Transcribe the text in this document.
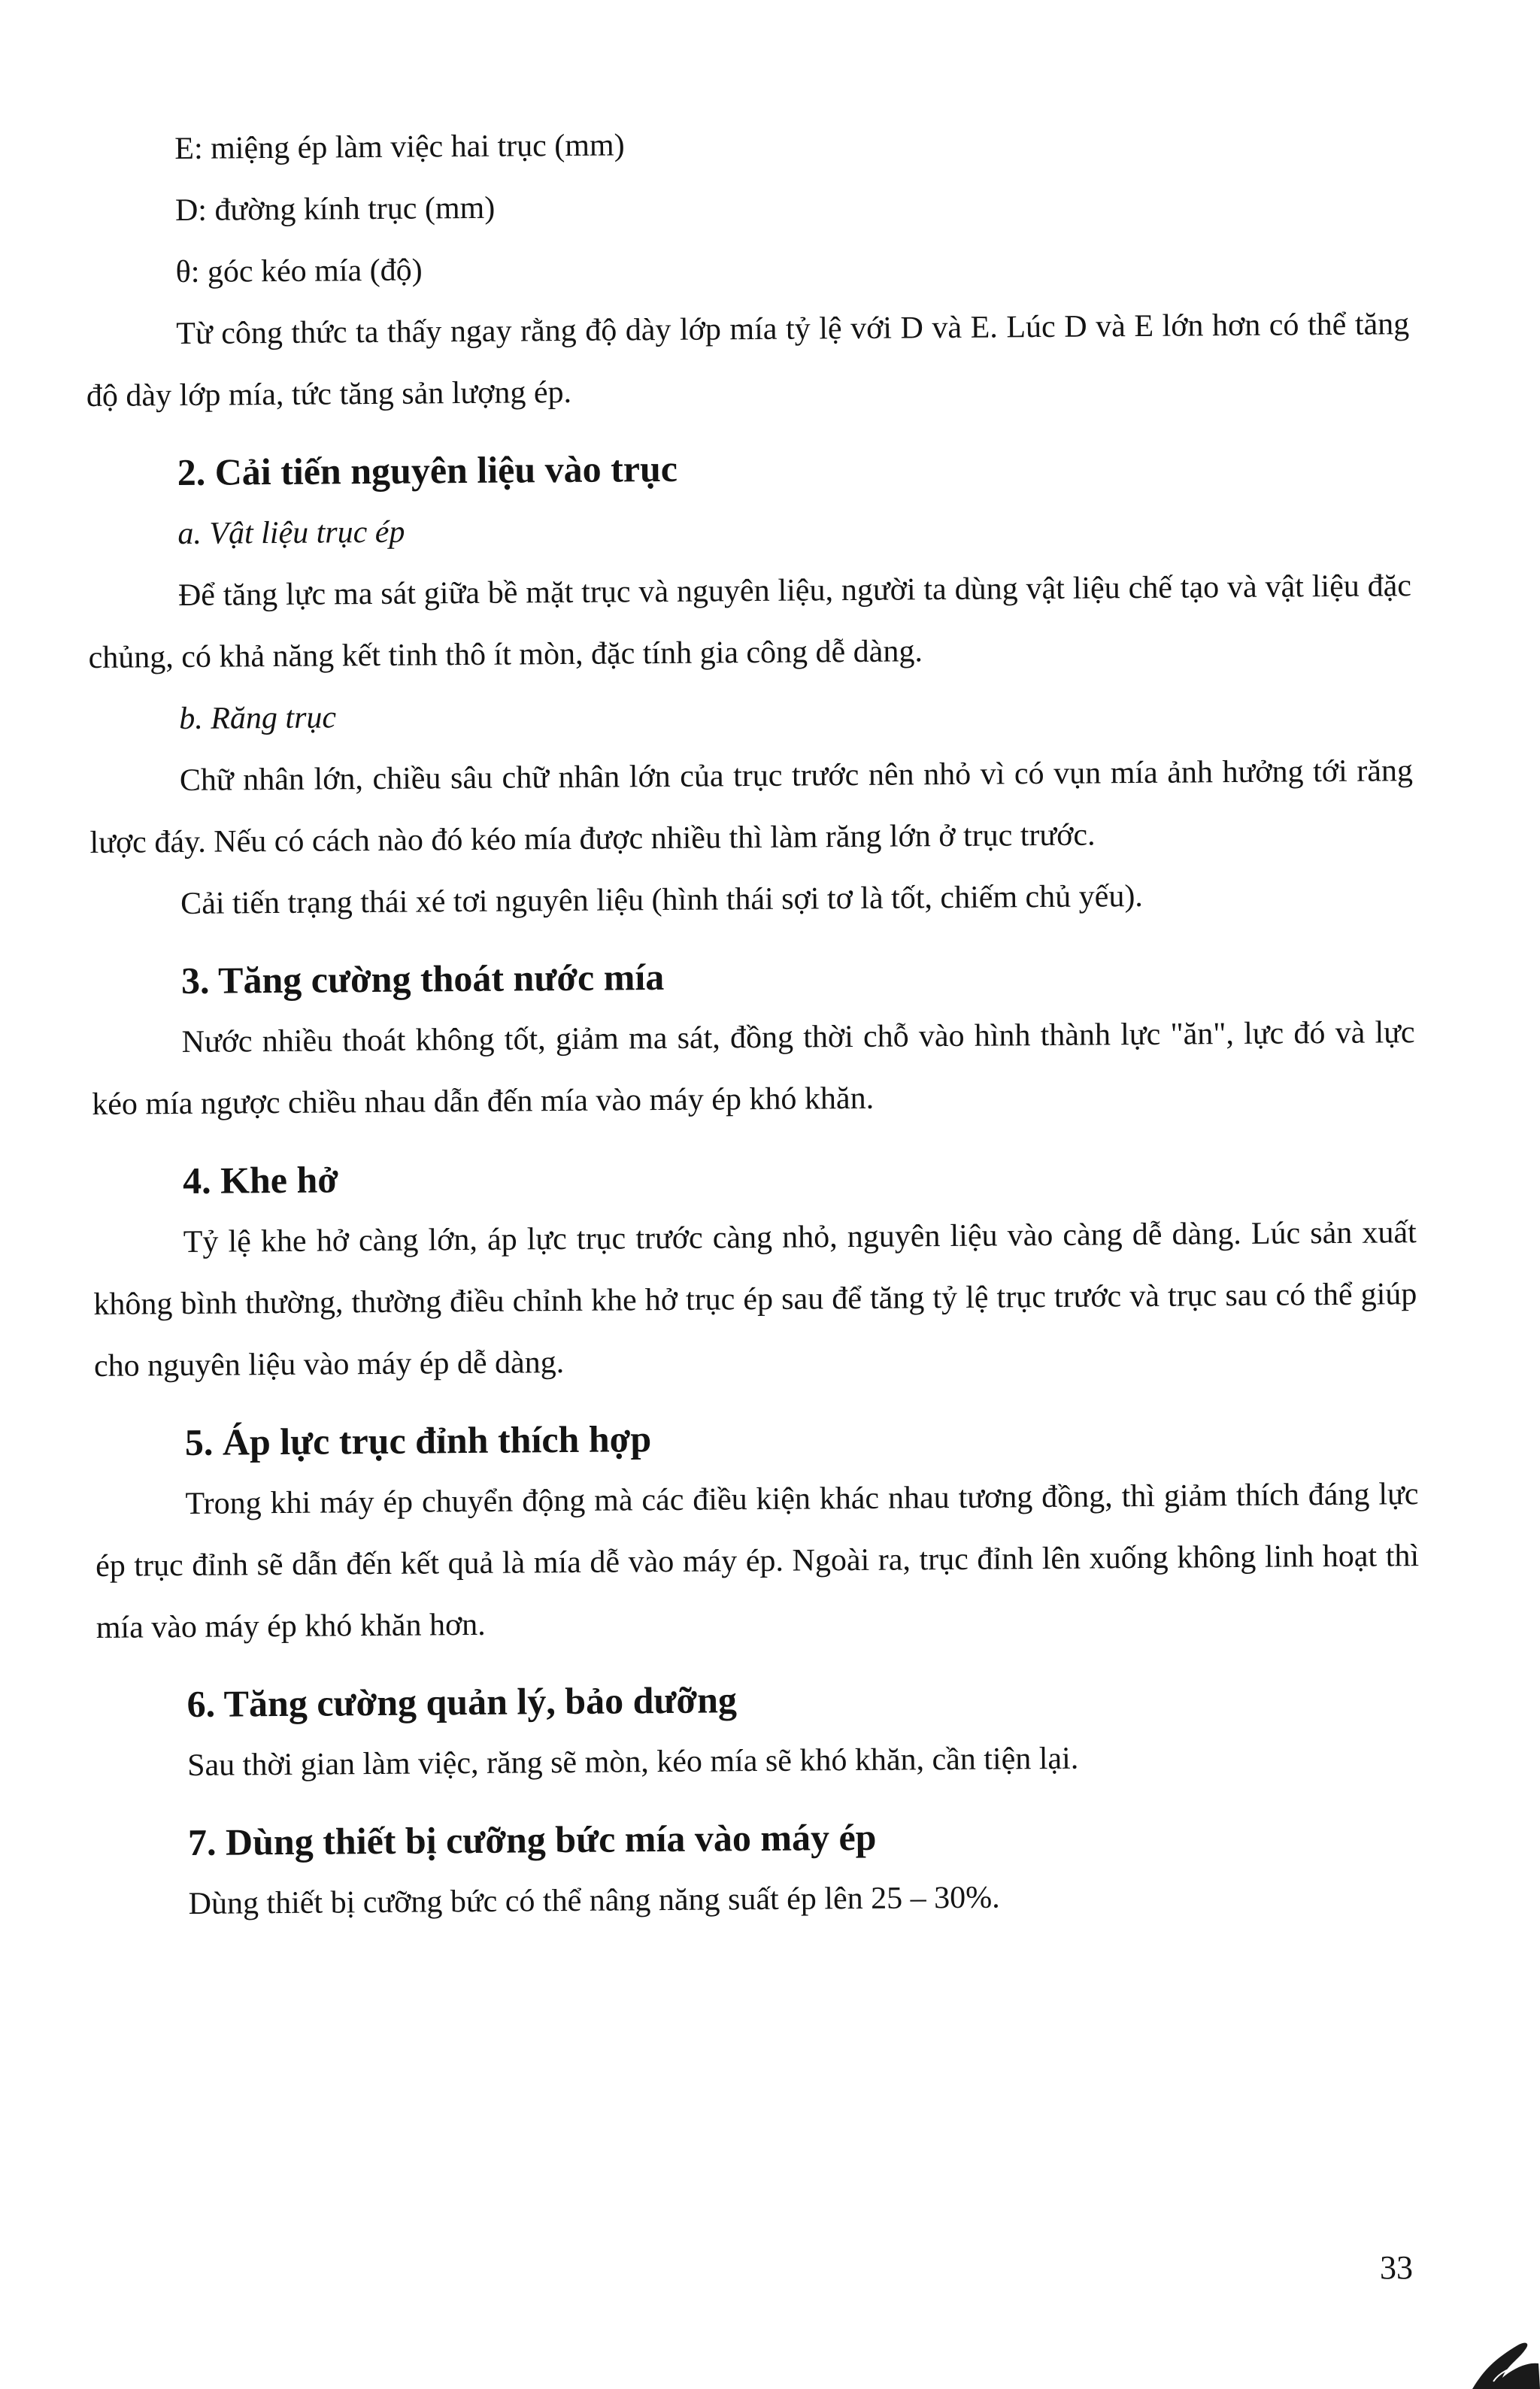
E: miệng ép làm việc hai trục (mm)

D: đường kính trục (mm)

θ: góc kéo mía (độ)

Từ công thức ta thấy ngay rằng độ dày lớp mía tỷ lệ với D và E. Lúc D và E lớn hơn có thể tăng độ dày lớp mía, tức tăng sản lượng ép.

2. Cải tiến nguyên liệu vào trục

a. Vật liệu trục ép

Để tăng lực ma sát giữa bề mặt trục và nguyên liệu, người ta dùng vật liệu chế tạo và vật liệu đặc chủng, có khả năng kết tinh thô ít mòn, đặc tính gia công dễ dàng.

b. Răng trục

Chữ nhân lớn, chiều sâu chữ nhân lớn của trục trước nên nhỏ vì có vụn mía ảnh hưởng tới răng lược đáy. Nếu có cách nào đó kéo mía được nhiều thì làm răng lớn ở trục trước.

Cải tiến trạng thái xé tơi nguyên liệu (hình thái sợi tơ là tốt, chiếm chủ yếu).

3. Tăng cường thoát nước mía

Nước nhiều thoát không tốt, giảm ma sát, đồng thời chỗ vào hình thành lực "ăn", lực đó và lực kéo mía ngược chiều nhau dẫn đến mía vào máy ép khó khăn.

4. Khe hở

Tỷ lệ khe hở càng lớn, áp lực trục trước càng nhỏ, nguyên liệu vào càng dễ dàng. Lúc sản xuất không bình thường, thường điều chỉnh khe hở trục ép sau để tăng tỷ lệ trục trước và trục sau có thể giúp cho nguyên liệu vào máy ép dễ dàng.

5. Áp lực trục đỉnh thích hợp

Trong khi máy ép chuyển động mà các điều kiện khác nhau tương đồng, thì giảm thích đáng lực ép trục đỉnh sẽ dẫn đến kết quả là mía dễ vào máy ép. Ngoài ra, trục đỉnh lên xuống không linh hoạt thì mía vào máy ép khó khăn hơn.

6. Tăng cường quản lý, bảo dưỡng

Sau thời gian làm việc, răng sẽ mòn, kéo mía sẽ khó khăn, cần tiện lại.

7. Dùng thiết bị cưỡng bức mía vào máy ép

Dùng thiết bị cưỡng bức có thể nâng năng suất ép lên 25 – 30%.

33
